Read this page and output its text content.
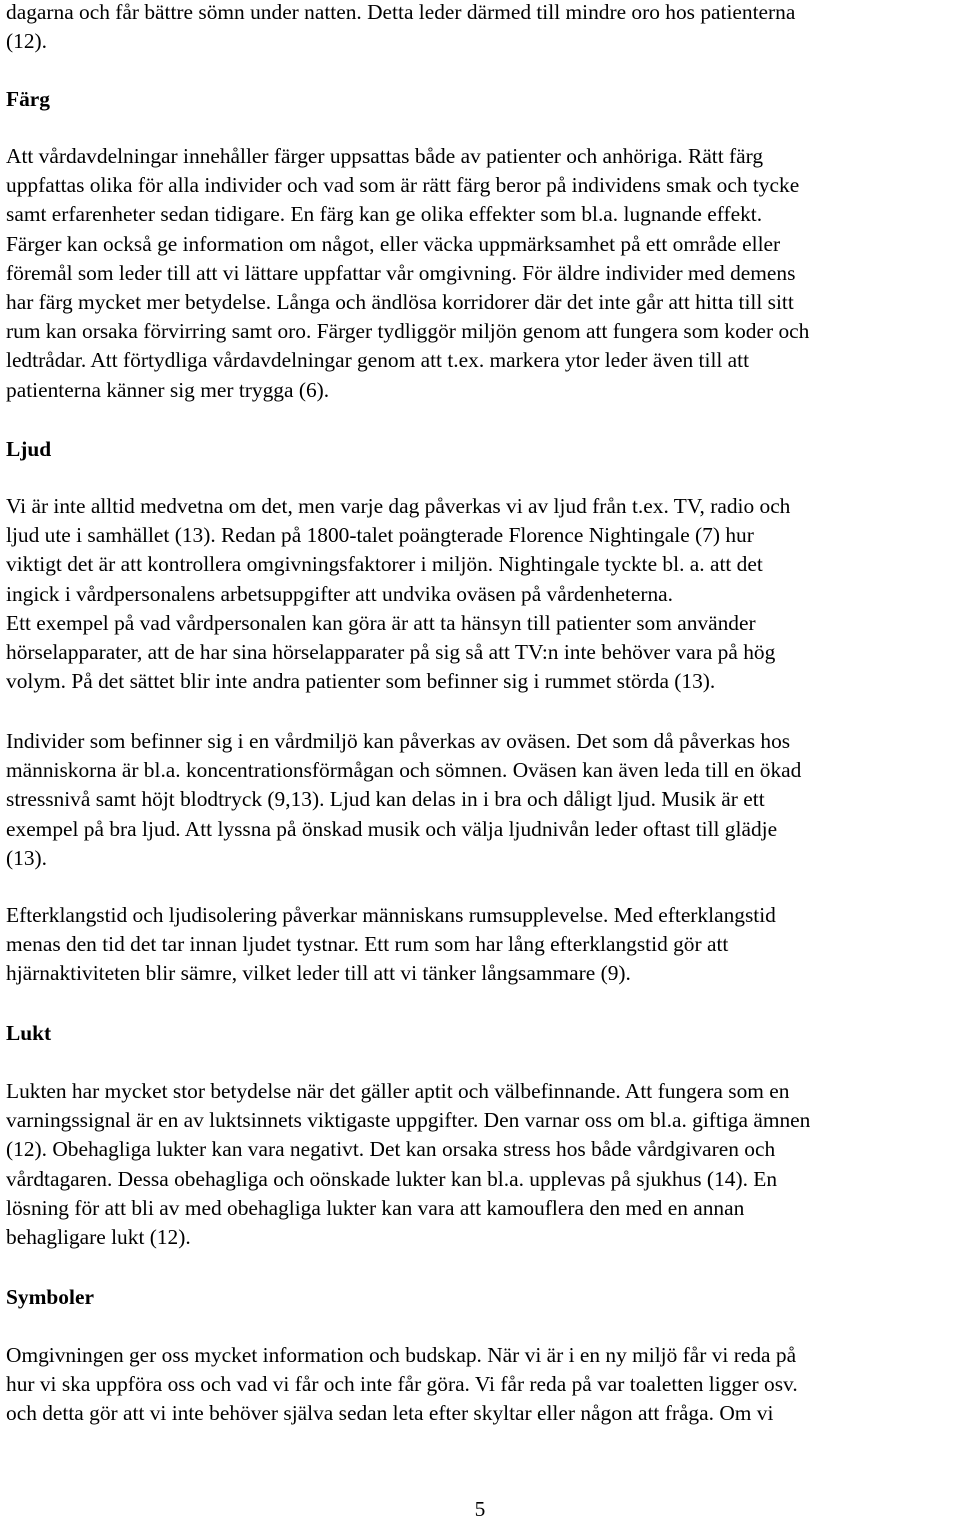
dagarna och får bättre sömn under natten. Detta leder därmed till mindre oro hos patienterna
(12).
Färg
Att vårdavdelningar innehåller färger uppsattas både av patienter och anhöriga. Rätt färg
uppfattas olika för alla individer och vad som är rätt färg beror på individens smak och tycke
samt erfarenheter sedan tidigare. En färg kan ge olika effekter som bl.a. lugnande effekt.
Färger kan också ge information om något, eller väcka uppmärksamhet på ett område eller
föremål som leder till att vi lättare uppfattar vår omgivning. För äldre individer med demens
har färg mycket mer betydelse. Långa och ändlösa korridorer där det inte går att hitta till sitt
rum kan orsaka förvirring samt oro. Färger tydliggör miljön genom att fungera som koder och
ledtrådar. Att förtydliga vårdavdelningar genom att t.ex. markera ytor leder även till att
patienterna känner sig mer trygga (6).
Ljud
Vi är inte alltid medvetna om det, men varje dag påverkas vi av ljud från t.ex. TV, radio och
ljud ute i samhället (13). Redan på 1800-talet poängterade Florence Nightingale (7) hur
viktigt det är att kontrollera omgivningsfaktorer i miljön. Nightingale tyckte bl. a. att det
ingick i vårdpersonalens arbetsuppgifter att undvika oväsen på vårdenheterna.
Ett exempel på vad vårdpersonalen kan göra är att ta hänsyn till patienter som använder
hörselapparater, att de har sina hörselapparater på sig så att TV:n inte behöver vara på hög
volym. På det sättet blir inte andra patienter som befinner sig i rummet störda (13).
Individer som befinner sig i en vårdmiljö kan påverkas av oväsen. Det som då påverkas hos
människorna är bl.a. koncentrationsförmågan och sömnen. Oväsen kan även leda till en ökad
stressnivå samt höjt blodtryck (9,13). Ljud kan delas in i bra och dåligt ljud. Musik är ett
exempel på bra ljud. Att lyssna på önskad musik och välja ljudnivån leder oftast till glädje
(13).
Efterklangstid och ljudisolering påverkar människans rumsupplevelse. Med efterklangstid
menas den tid det tar innan ljudet tystnar. Ett rum som har lång efterklangstid gör att
hjärnaktiviteten blir sämre, vilket leder till att vi tänker långsammare (9).
Lukt
Lukten har mycket stor betydelse när det gäller aptit och välbefinnande. Att fungera som en
varningssignal är en av luktsinnets viktigaste uppgifter. Den varnar oss om bl.a. giftiga ämnen
(12). Obehagliga lukter kan vara negativt. Det kan orsaka stress hos både vårdgivaren och
vårdtagaren. Dessa obehagliga och oönskade lukter kan bl.a. upplevas på sjukhus (14). En
lösning för att bli av med obehagliga lukter kan vara att kamouflera den med en annan
behagligare lukt (12).
Symboler
Omgivningen ger oss mycket information och budskap. När vi är i en ny miljö får vi reda på
hur vi ska uppföra oss och vad vi får och inte får göra. Vi får reda på var toaletten ligger osv.
och detta gör att vi inte behöver själva sedan leta efter skyltar eller någon att fråga. Om vi
5
